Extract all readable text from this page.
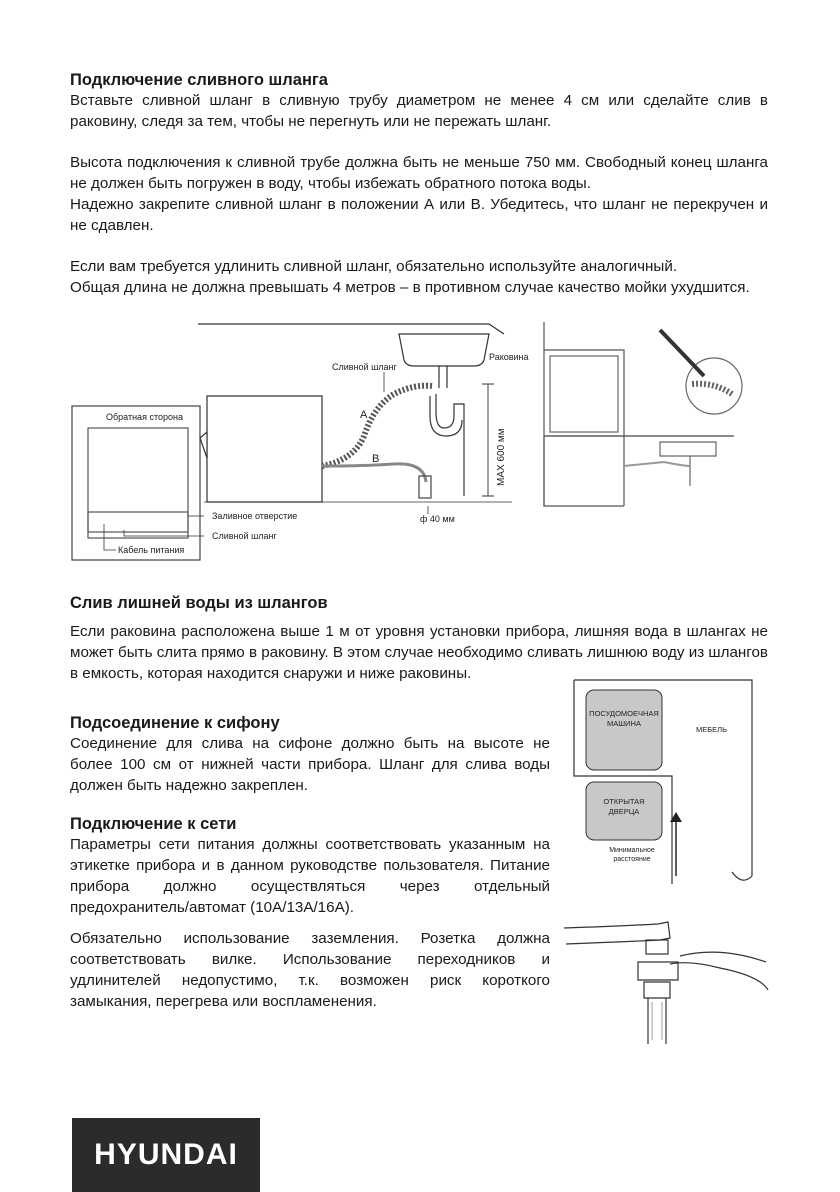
Подключение сливного шланга

Вставьте сливной шланг в сливную трубу диаметром не менее 4 см или сделайте слив в раковину, следя за тем, чтобы не перегнуть или не пережать шланг.

Высота подключения к сливной трубе должна быть не меньше 750 мм. Свободный конец шланга не должен быть погружен в воду, чтобы избежать обратного потока воды.

Надежно закрепите сливной шланг в положении А или В. Убедитесь, что шланг не перекручен и не сдавлен.

Если вам требуется удлинить сливной шланг, обязательно используйте аналогичный.

Общая длина не должна превышать 4 метров – в противном случае качество мойки ухудшится.

Обратная сторона
Сливной шланг
Раковина
A
B	MAX 600 мм
ф 40 мм
Заливное отверстие
Сливной шланг
Кабель питания

Слив лишней воды из шлангов

Если раковина расположена выше 1 м от уровня установки прибора, лишняя вода в шлангах не может быть слита прямо в раковину. В этом случае необходимо сливать лишнюю воду из шлангов в емкость, которая находится снаружи и ниже раковины.

Подсоединение к сифону

Соединение для слива на сифоне должно быть на высоте не более 100 см от нижней части прибора. Шланг для слива воды должен быть надежно закреплен.

Подключение к сети

Параметры сети питания должны соответствовать указанным на этикетке прибора и в данном руководстве пользователя. Питание прибора должно осуществляться через отдельный предохранитель/автомат (10А/13А/16А).

Обязательно использование заземления. Розетка должна соответствовать вилке. Использование переходников и удлинителей недопустимо, т.к. возможен риск короткого замыкания, перегрева или воспламенения.

ПОСУДОМОЕЧНАЯ
МАШИНА
МЕБЕЛЬ
ОТКРЫТАЯ
ДВЕРЦА
Минимальное
расстояние
HYUNDAI
